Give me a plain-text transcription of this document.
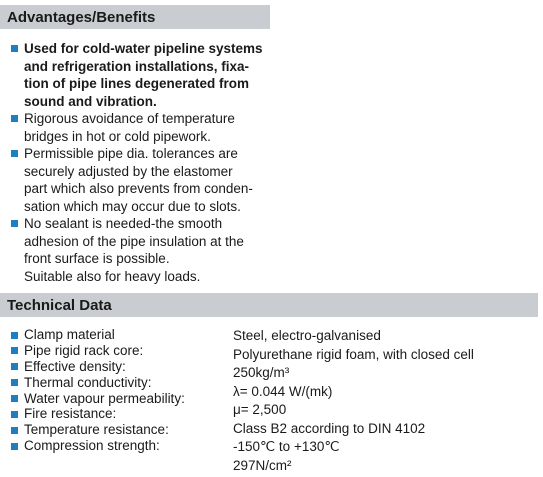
Advantages/Benefits
Used for cold-water pipeline systems
and refrigeration installations, fixa-
tion of pipe lines degenerated from
sound and vibration.
Rigorous avoidance of temperature
bridges in hot or cold pipework.
Permissible pipe dia. tolerances are
securely adjusted by the elastomer
part which also prevents from conden-
sation which may occur due to slots.
No sealant is needed-the smooth
adhesion of the pipe insulation at the
front surface is possible.
Suitable also for heavy loads.
Technical Data
Clamp material
Pipe rigid rack core:
Effective density:
Thermal conductivity:
Water vapour permeability:
Fire resistance:
Temperature resistance:
Compression strength:
Steel, electro-galvanised
Polyurethane rigid foam, with closed cell
250kg/m³
λ= 0.044 W/(mk)
μ= 2,500
Class B2 according to DIN 4102
-150℃ to +130℃
297N/cm²
